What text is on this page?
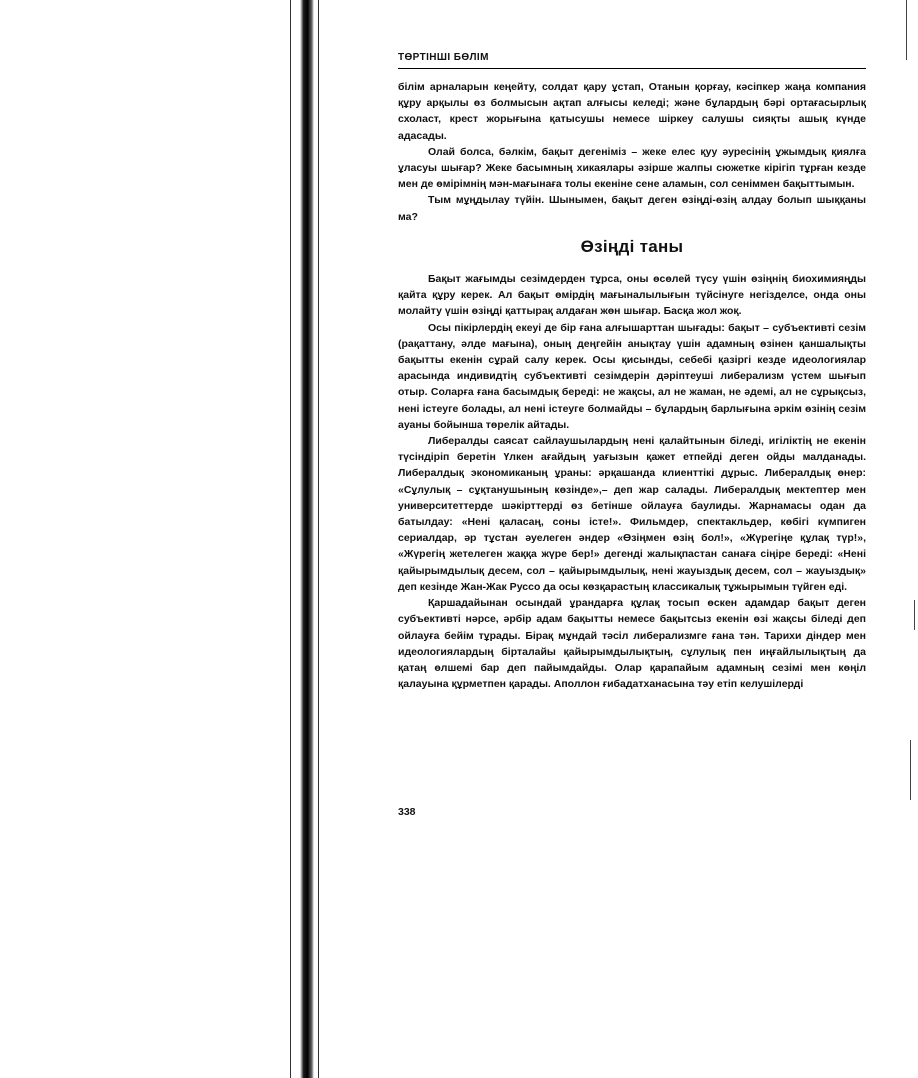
ТӨРТІНШІ БӨЛІМ

білім арналарын кеңейту, солдат қару ұстап, Отанын қорғау, кәсіпкер жаңа компания құру арқылы өз болмысын ақтап алғысы келеді; және бұлардың бәрі ортағасырлық схоласт, крест жорығына қатысушы немесе шіркеу салушы сияқты ашық күнде адасады.

Олай болса, бәлкім, бақыт дегеніміз – жеке елес қуу әуресінің ұжымдық қиялға ұласуы шығар? Жеке басымның хикаялары әзірше жалпы сюжетке кірігіп тұрған кезде мен де өмірімнің мән-мағынаға толы екеніне сене аламын, сол сеніммен бақыттымын.

Тым мұңдылау түйін. Шынымен, бақыт деген өзіңді-өзің алдау болып шыққаны ма?

Өзіңді таны

Бақыт жағымды сезімдерден тұрса, оны өсөлей түсу үшін өзіңнің биохимияңды қайта құру керек. Ал бақыт өмірдің мағыналылығын түйсінуге негізделсе, онда оны молайту үшін өзіңді қаттырақ алдаған жөн шығар. Басқа жол жоқ.

Осы пікірлердің екеуі де бір ғана алғышарттан шығады: бақыт – субъективті сезім (рақаттану, әлде мағына), оның деңгейін анықтау үшін адамның өзінен қаншалықты бақытты екенін сұрай салу керек. Осы қисынды, себебі қазіргі кезде идеологиялар арасында индивидтің субъективті сезімдерін дәріптеуші либерализм үстем шығып отыр. Соларға ғана басымдық береді: не жақсы, ал не жаман, не әдемі, ал не сұрықсыз, нені істеуге болады, ал нені істеуге болмайды – бұлардың барлығына әркім өзінің сезім ауаны бойынша төрелік айтады.

Либералды саясат сайлаушылардың нені қалайтынын біледі, игілiктің не екенін түсіндіріп беретін Үлкен ағайдың уағызын қажет етпейді деген ойды малданады. Либералдық экономиканың ұраны: әрқашанда клиенттікі дұрыс. Либералдық өнер: «Сұлулық – сұқтанушының көзінде»,– деп жар салады. Либералдық мектептер мен университеттерде шәкірттерді өз бетінше ойлауға баулиды. Жарнамасы одан да батылдау: «Нені қаласаң, соны істе!». Фильмдер, спектакльдер, көбігі күмпиген сериалдар, әр тұстан әуелеген әндер «Өзіңмен өзің бол!», «Жүрегіңе құлақ түр!», «Жүрегің жетелеген жаққа жүре бер!» дегенді жалықпастан санаға сіңіре береді: «Нені қайырымдылық десем, сол – қайырымдылық, нені жауыздық десем, сол – жауыздық» деп кезінде Жан-Жак Руссо да осы көзқарастың классикалық тұжырымын түйген еді.

Қаршадайынан осындай ұрандарға құлақ тосып өскен адамдар бақыт деген субъективті нәрсе, әрбір адам бақытты немесе бақытсыз екенін өзі жақсы біледі деп ойлауға бейім тұрады. Бірақ мұндай тәсіл либерализмге ғана тән. Тарихи діндер мен идеологиялардың бірталайы қайырымдылықтың, сұлулық пен иңғайлылықтың да қатаң өлшемі бар деп пайымдайды. Олар қарапайым адамның сезімі мен көңіл қалауына құрметпен қарады. Аполлон ғибадатханасына тәу етіп келушілерді

338
